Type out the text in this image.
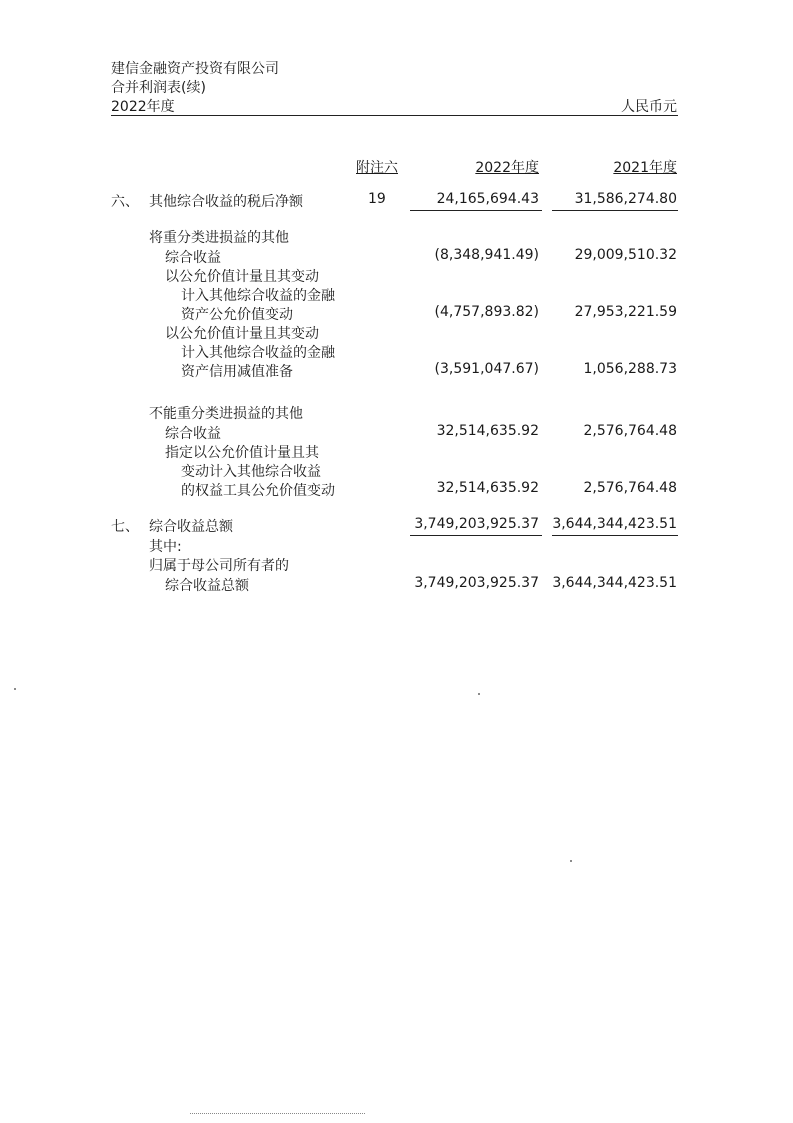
建信金融资产投资有限公司
合并利润表(续)
2022年度	人民币元
附注六	2022年度	2021年度
六、 其他综合收益的税后净额	19	24,165,694.43	31,586,274.80
将重分类进损益的其他
综合收益	(8,348,941.49)	29,009,510.32
以公允价值计量且其变动
计入其他综合收益的金融
资产公允价值变动	(4,757,893.82)	27,953,221.59
以公允价值计量且其变动
计入其他综合收益的金融
资产信用减值准备	(3,591,047.67)	1,056,288.73
不能重分类进损益的其他
综合收益	32,514,635.92	2,576,764.48
指定以公允价值计量且其
变动计入其他综合收益
的权益工具公允价值变动	32,514,635.92	2,576,764.48
七、 综合收益总额	3,749,203,925.37 3,644,344,423.51
其中:
归属于母公司所有者的
综合收益总额	3,749,203,925.37 3,644,344,423.51
